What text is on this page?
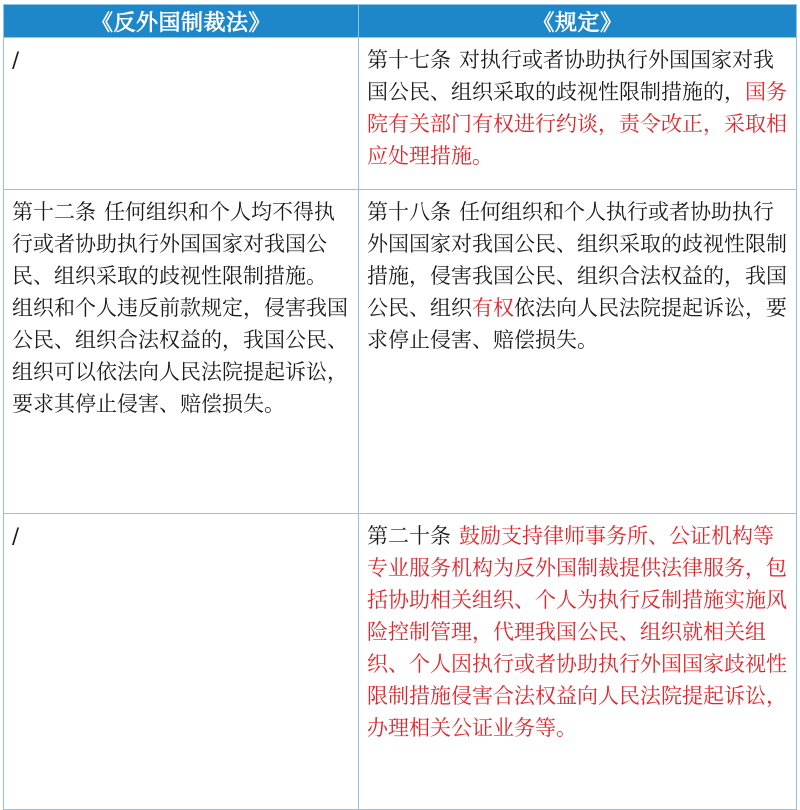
《反外国制裁法》	《规定》
/	第十七条 对执行或者协助执行外国国家对我国公民、组织采取的歧视性限制措施的，国务院有关部门有权进行约谈，责令改正，采取相应处理措施。

第十二条 任何组织和个人均不得执行或者协助执行外国国家对我国公民、组织采取的歧视性限制措施。

组织和个人违反前款规定，侵害我国公民、组织合法权益的，我国公民、组织可以依法向人民法院提起诉讼，要求其停止侵害、赔偿损失。	第十八条 任何组织和个人执行或者协助执行外国国家对我国公民、组织采取的歧视性限制措施，侵害我国公民、组织合法权益的，我国公民、组织有权依法向人民法院提起诉讼，要求停止侵害、赔偿损失。
/	第二十条 鼓励支持律师事务所、公证机构等专业服务机构为反外国制裁提供法律服务，包括协助相关组织、个人为执行反制措施实施风险控制管理，代理我国公民、组织就相关组织、个人因执行或者协助执行外国国家歧视性限制措施侵害合法权益向人民法院提起诉讼，办理相关公证业务等。
